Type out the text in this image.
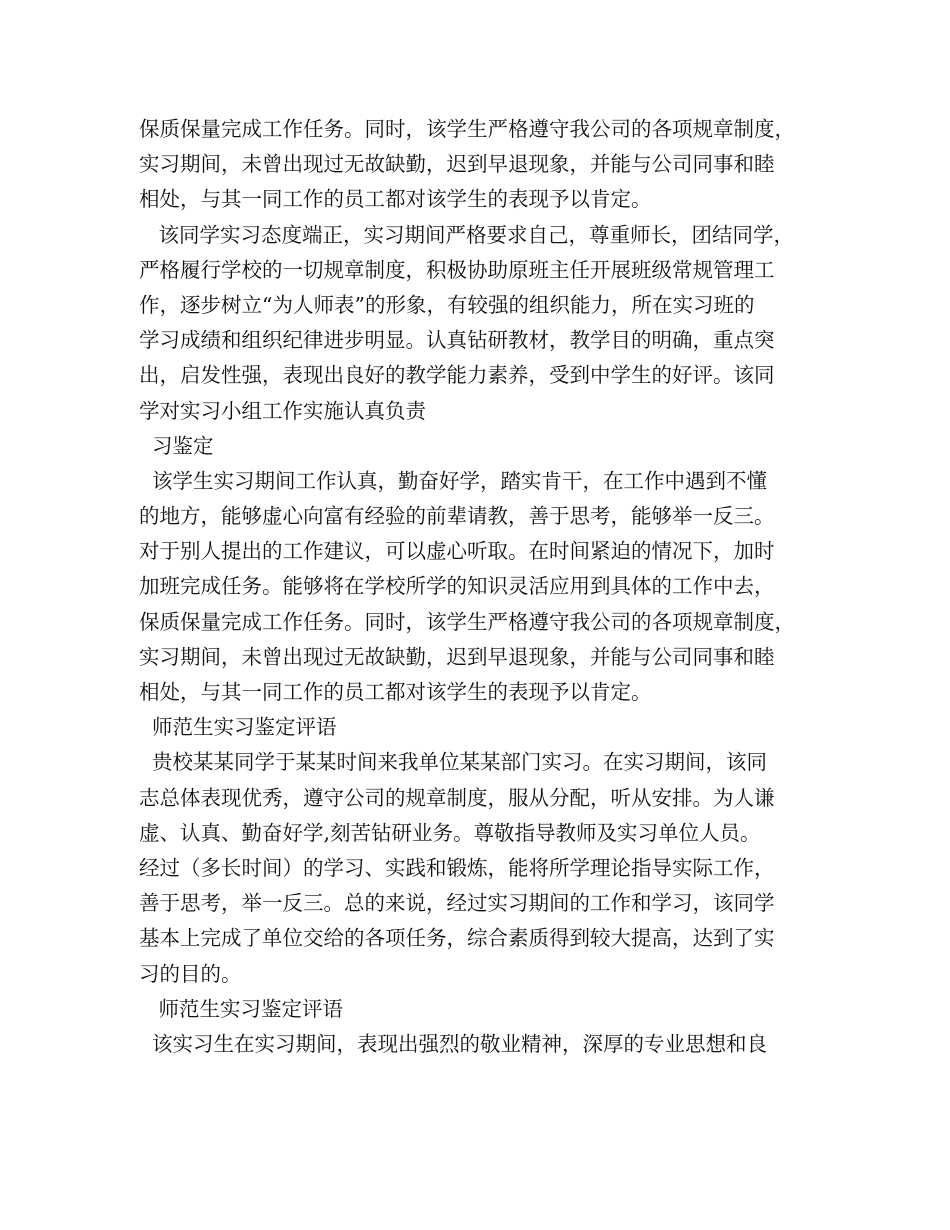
保质保量完成工作任务。同时，该学生严格遵守我公司的各项规章制度，
实习期间，未曾出现过无故缺勤，迟到早退现象，并能与公司同事和睦
相处，与其一同工作的员工都对该学生的表现予以肯定。
该同学实习态度端正，实习期间严格要求自己，尊重师长，团结同学，
严格履行学校的一切规章制度，积极协助原班主任开展班级常规管理工
作，逐步树立“为人师表”的形象，有较强的组织能力，所在实习班的
学习成绩和组织纪律进步明显。认真钻研教材，教学目的明确，重点突
出，启发性强，表现出良好的教学能力素养，受到中学生的好评。该同
学对实习小组工作实施认真负责
习鉴定
该学生实习期间工作认真，勤奋好学，踏实肯干，在工作中遇到不懂
的地方，能够虚心向富有经验的前辈请教，善于思考，能够举一反三。
对于别人提出的工作建议，可以虚心听取。在时间紧迫的情况下，加时
加班完成任务。能够将在学校所学的知识灵活应用到具体的工作中去，
保质保量完成工作任务。同时，该学生严格遵守我公司的各项规章制度，
实习期间，未曾出现过无故缺勤，迟到早退现象，并能与公司同事和睦
相处，与其一同工作的员工都对该学生的表现予以肯定。
师范生实习鉴定评语
贵校某某同学于某某时间来我单位某某部门实习。在实习期间，该同
志总体表现优秀，遵守公司的规章制度，服从分配，听从安排。为人谦
虚、认真、勤奋好学,刻苦钻研业务。尊敬指导教师及实习单位人员。
经过（多长时间）的学习、实践和锻炼，能将所学理论指导实际工作，
善于思考，举一反三。总的来说，经过实习期间的工作和学习，该同学
基本上完成了单位交给的各项任务，综合素质得到较大提高，达到了实
习的目的。
师范生实习鉴定评语
该实习生在实习期间，表现出强烈的敬业精神，深厚的专业思想和良
